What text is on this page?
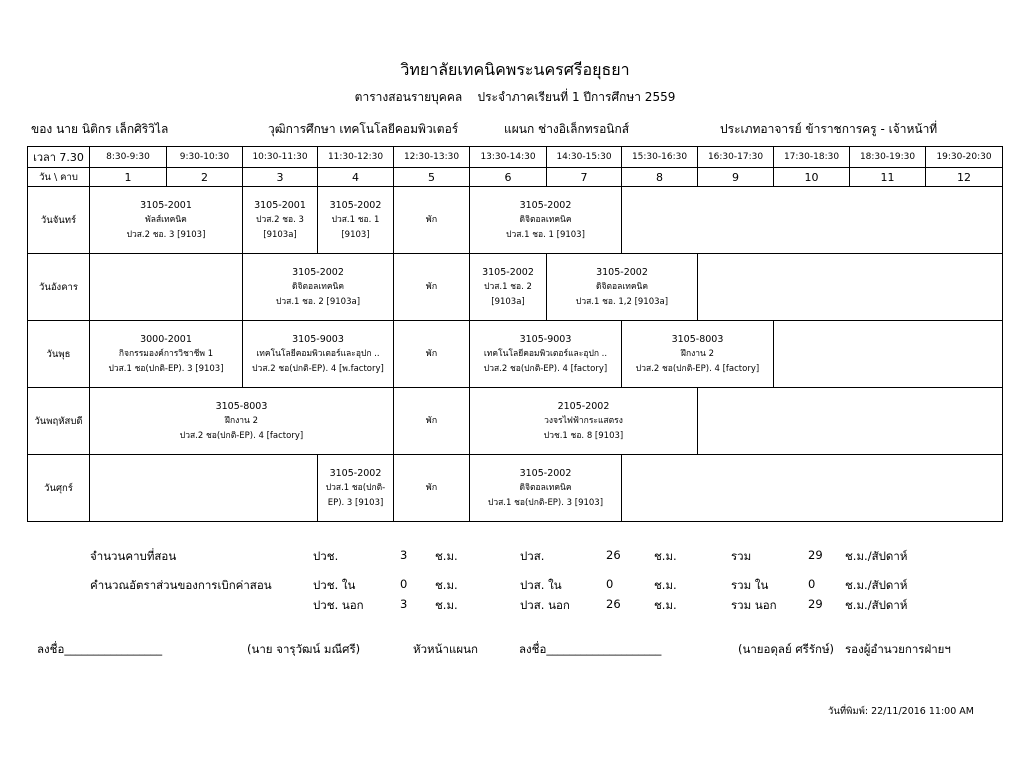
วิทยาลัยเทคนิคพระนครศรีอยุธยา
ตารางสอนรายบุคคล ประจำภาคเรียนที่ 1 ปีการศึกษา 2559
ของ นาย นิติกร เล็กศิริวิไล	วุฒิการศึกษา เทคโนโลยีคอมพิวเตอร์	แผนก ช่างอิเล็กทรอนิกส์	ประเภทอาจารย์ ข้าราชการครู - เจ้าหน้าที่
เวลา 7.30	8:30-9:30	9:30-10:30	10:30-11:30	11:30-12:30	12:30-13:30	13:30-14:30	14:30-15:30	15:30-16:30	16:30-17:30	17:30-18:30	18:30-19:30	19:30-20:30
วัน \ คาบ	1	2	3	4	5	6	7	8	9	10	11	12
วันจันทร์	3105-2001
พัลส์เทคนิค
ปวส.2 ชอ. 3 [9103]		3105-2001
ปวส.2 ชอ. 3
[9103a]	3105-2002
ปวส.1 ชอ. 1
[9103]	พัก	3105-2002
ดิจิตอลเทคนิค
ปวส.1 ชอ. 1 [9103]						

วันอังคาร			3105-2002
ดิจิตอลเทคนิค
ปวส.1 ชอ. 2 [9103a]		พัก	3105-2002
ปวส.1 ชอ. 2
[9103a]	3105-2002
ดิจิตอลเทคนิค
ปวส.1 ชอ. 1,2 [9103a]					

วันพุธ	3000-2001
กิจกรรมองค์การวิชาชีพ 1
ปวส.1 ชอ(ปกติ-EP). 3 [9103]		3105-9003
เทคโนโลยีคอมพิวเตอร์และอุปก ..
ปวส.2 ชอ(ปกติ-EP). 4 [พ.factory]		พัก	3105-9003
เทคโนโลยีคอมพิวเตอร์และอุปก ..
ปวส.2 ชอ(ปกติ-EP). 4 [factory]		3105-8003
ฝึกงาน 2
ปวส.2 ชอ(ปกติ-EP). 4 [factory]				

วันพฤหัสบดี	3105-8003
ฝึกงาน 2
ปวส.2 ชอ(ปกติ-EP). 4 [factory]				พัก	2105-2002
วงจรไฟฟ้ากระแสตรง
ปวช.1 ชอ. 8 [9103]						

วันศุกร์				3105-2002
ปวส.1 ชอ(ปกติ-
EP). 3 [9103]	พัก	3105-2002
ดิจิตอลเทคนิค
ปวส.1 ชอ(ปกติ-EP). 3 [9103]						

จำนวนคาบที่สอน	ปวช.	3 ช.ม.	ปวส.	26	ช.ม.	รวม	29 ช.ม./สัปดาห์
คำนวณอัตราส่วนของการเบิกค่าสอน	ปวช. ใน	0 ช.ม.	ปวส. ใน	0	ช.ม.	รวม ใน	0	ช.ม./สัปดาห์
ปวช. นอก	3 ช.ม.	ปวส. นอก	26	ช.ม.	รวม นอก	29 ช.ม./สัปดาห์
ลงชื่อ_________________	(นาย จารุวัฒน์ มณีศรี)	หัวหน้าแผนก	ลงชื่อ____________________	(นายอดุลย์ ศรีรักษ์) รองผู้อำนวยการฝ่ายฯ
วันที่พิมพ์: 22/11/2016 11:00 AM
